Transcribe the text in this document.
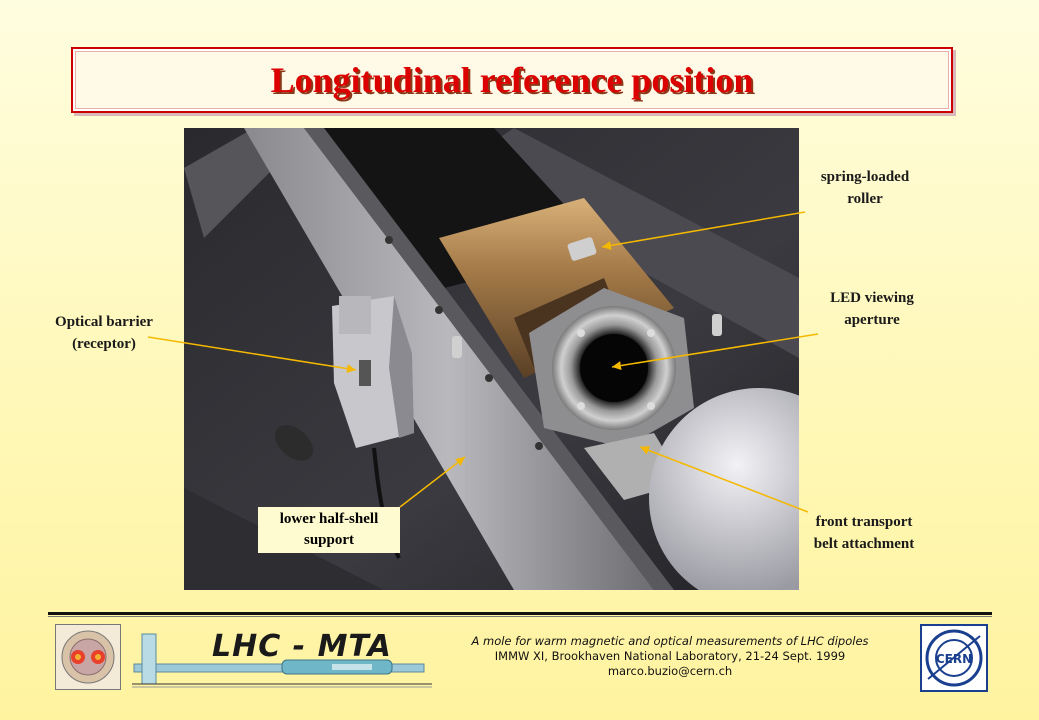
Longitudinal reference position
spring-loaded
roller
LED viewing
aperture
Optical barrier
(receptor)
lower half-shell
support
front transport
belt attachment
LHC - MTA	A mole for warm magnetic and optical measurements of LHC dipoles
IMMW XI, Brookhaven National Laboratory, 21-24 Sept. 1999
marco.buzio@cern.ch
CERN
